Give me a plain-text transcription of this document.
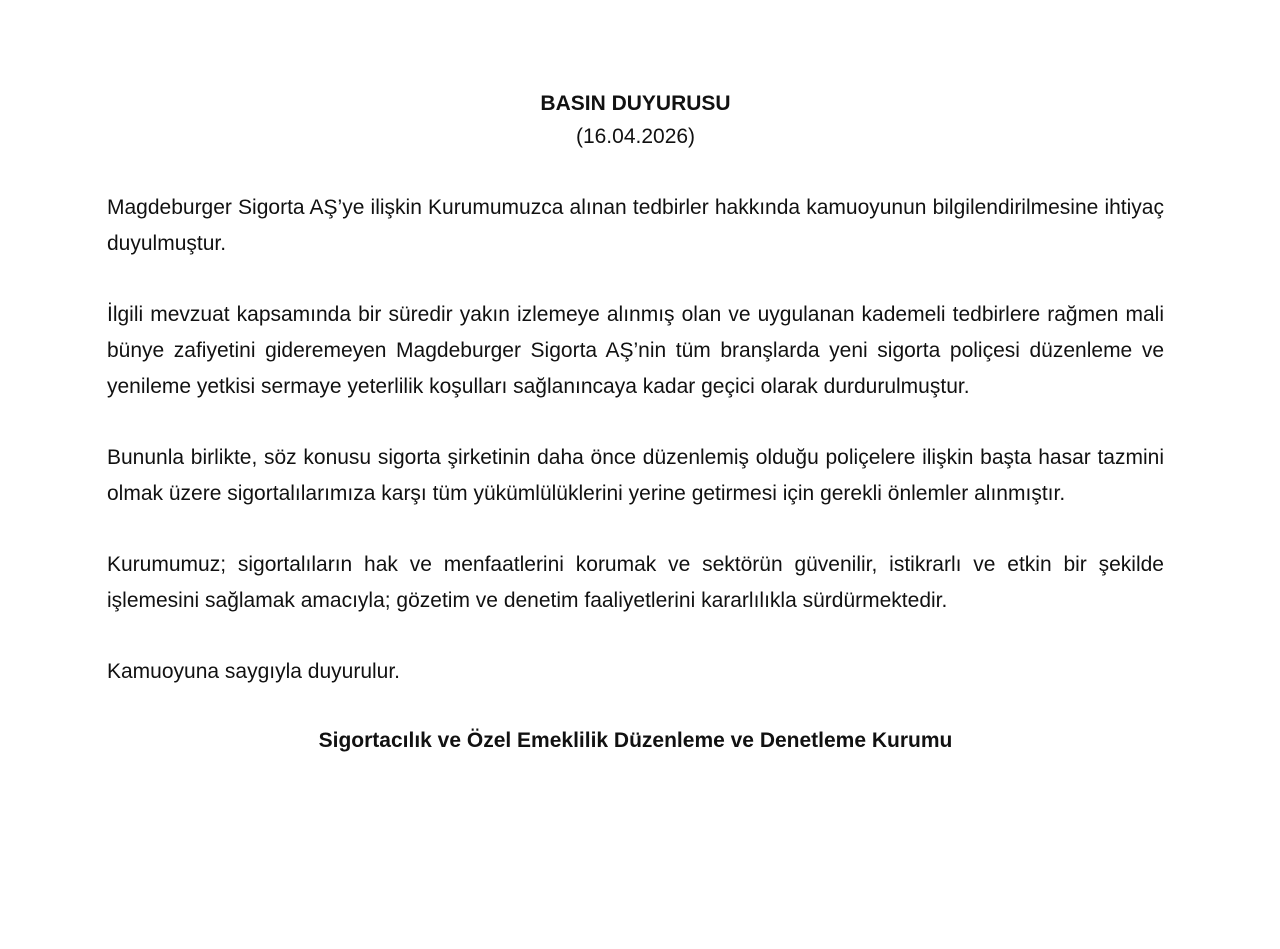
BASIN DUYURUSU
(16.04.2026)

Magdeburger Sigorta AŞ’ye ilişkin Kurumumuzca alınan tedbirler hakkında kamuoyunun bilgilendirilmesine ihtiyaç duyulmuştur.

İlgili mevzuat kapsamında bir süredir yakın izlemeye alınmış olan ve uygulanan kademeli tedbirlere rağmen mali bünye zafiyetini gideremeyen Magdeburger Sigorta AŞ’nin tüm branşlarda yeni sigorta poliçesi düzenleme ve yenileme yetkisi sermaye yeterlilik koşulları sağlanıncaya kadar geçici olarak durdurulmuştur.

Bununla birlikte, söz konusu sigorta şirketinin daha önce düzenlemiş olduğu poliçelere ilişkin başta hasar tazmini olmak üzere sigortalılarımıza karşı tüm yükümlülüklerini yerine getirmesi için gerekli önlemler alınmıştır.

Kurumumuz; sigortalıların hak ve menfaatlerini korumak ve sektörün güvenilir, istikrarlı ve etkin bir şekilde işlemesini sağlamak amacıyla; gözetim ve denetim faaliyetlerini kararlılıkla sürdürmektedir.

Kamuoyuna saygıyla duyurulur.

Sigortacılık ve Özel Emeklilik Düzenleme ve Denetleme Kurumu
